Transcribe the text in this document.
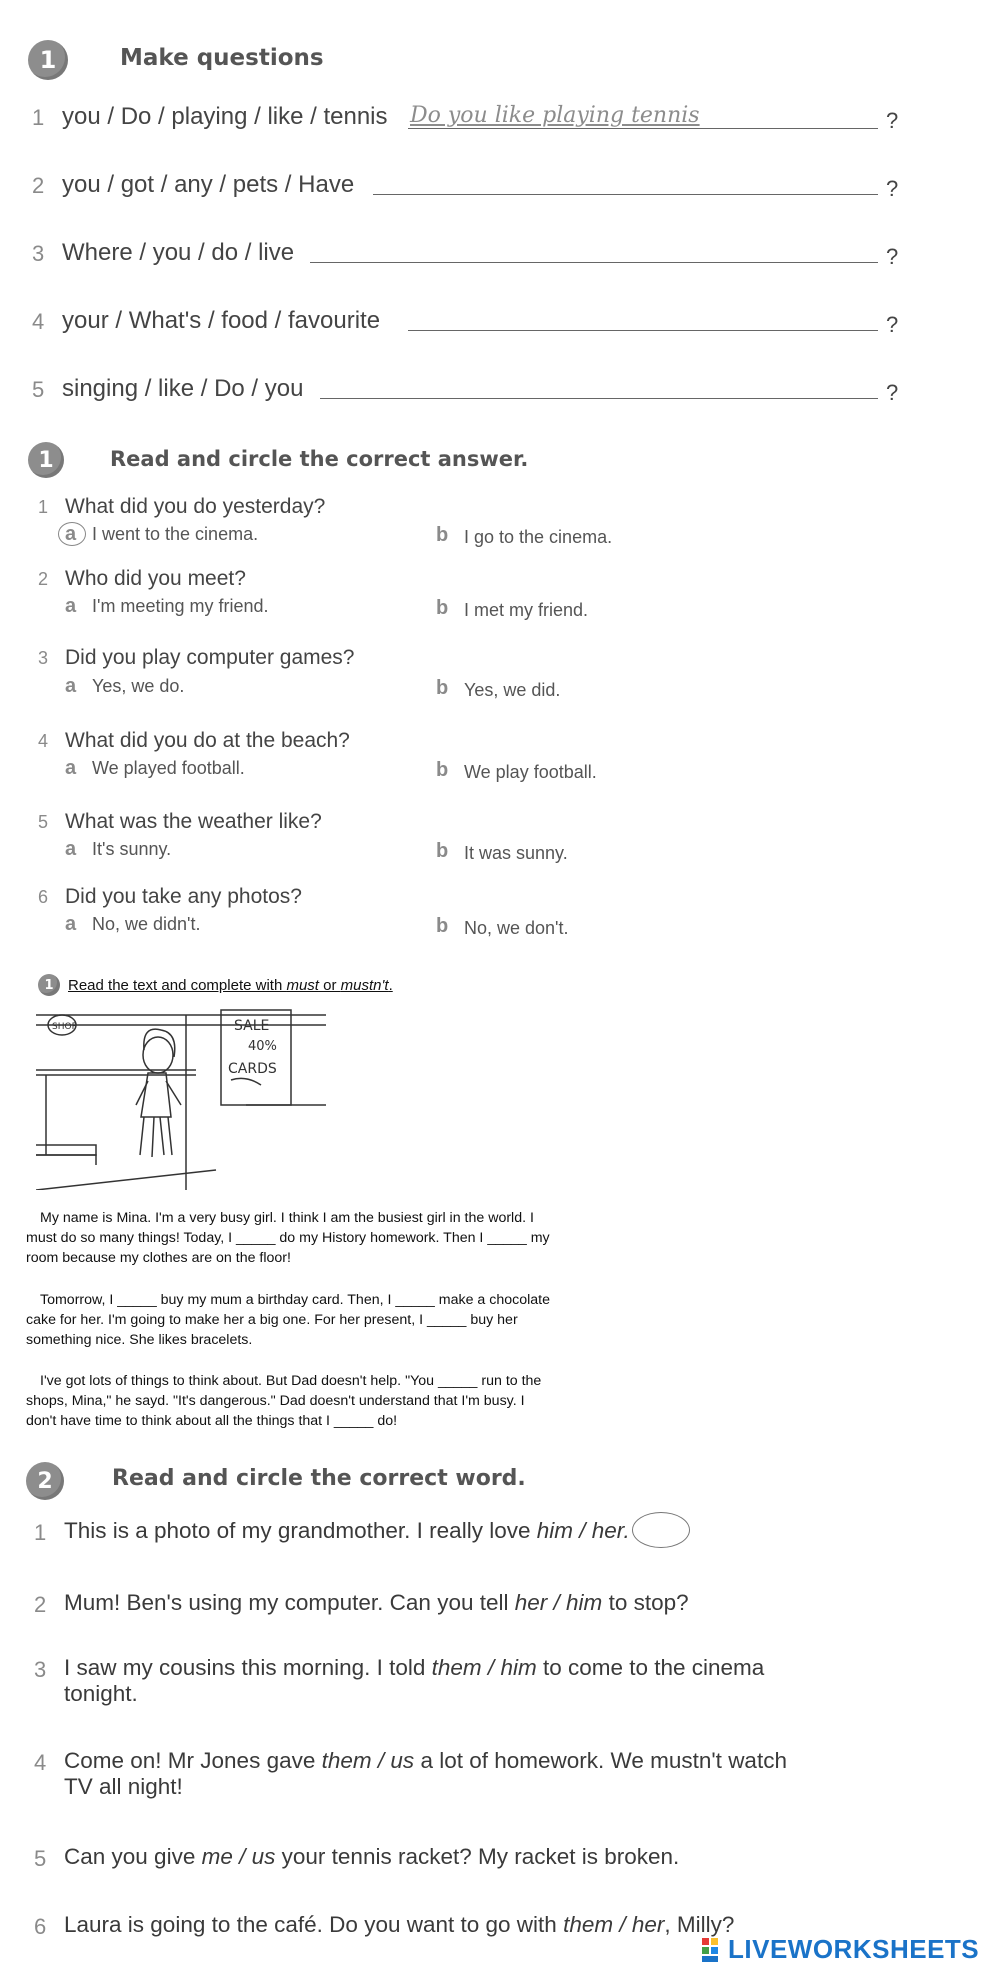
1	Make questions
1 you / Do / playing / like / tennis Do you like playing tennis	?
2 you / got / any / pets / Have	?
3 Where / you / do / live	?
4 your / What's / food / favourite	?
5 singing / like / Do / you	?
1	Read and circle the correct answer.
1 What did you do yesterday?
a I went to the cinema.	b I go to the cinema.
2 Who did you meet?
a I'm meeting my friend.	b I met my friend.
3 Did you play computer games?
a Yes, we do.	b Yes, we did.
4 What did you do at the beach?
a We played football.	b We play football.
5 What was the weather like?
a It's sunny.	b It was sunny.
6 Did you take any photos?
a No, we didn't.	b No, we don't.
1 Read the text and complete with must or mustn't.
SHOP	SALE
40%
CARDS
My name is Mina. I'm a very busy girl. I think I am the busiest girl in the world. I
must do so many things! Today, I _____ do my History homework. Then I _____ my
room because my clothes are on the floor!
Tomorrow, I _____ buy my mum a birthday card. Then, I _____ make a chocolate
cake for her. I'm going to make her a big one. For her present, I _____ buy her
something nice. She likes bracelets.
I've got lots of things to think about. But Dad doesn't help. "You _____ run to the
shops, Mina," he sayd. "It's dangerous." Dad doesn't understand that I'm busy. I
don't have time to think about all the things that I _____ do!
2	Read and circle the correct word.
1 This is a photo of my grandmother. I really love him / her.
2 Mum! Ben's using my computer. Can you tell her / him to stop?
3 I saw my cousins this morning. I told them / him to come to the cinema
tonight.
4 Come on! Mr Jones gave them / us a lot of homework. We mustn't watch
TV all night!
5 Can you give me / us your tennis racket? My racket is broken.
6 Laura is going to the café. Do you want to go with them / her, Milly?
LIVEWORKSHEETS
